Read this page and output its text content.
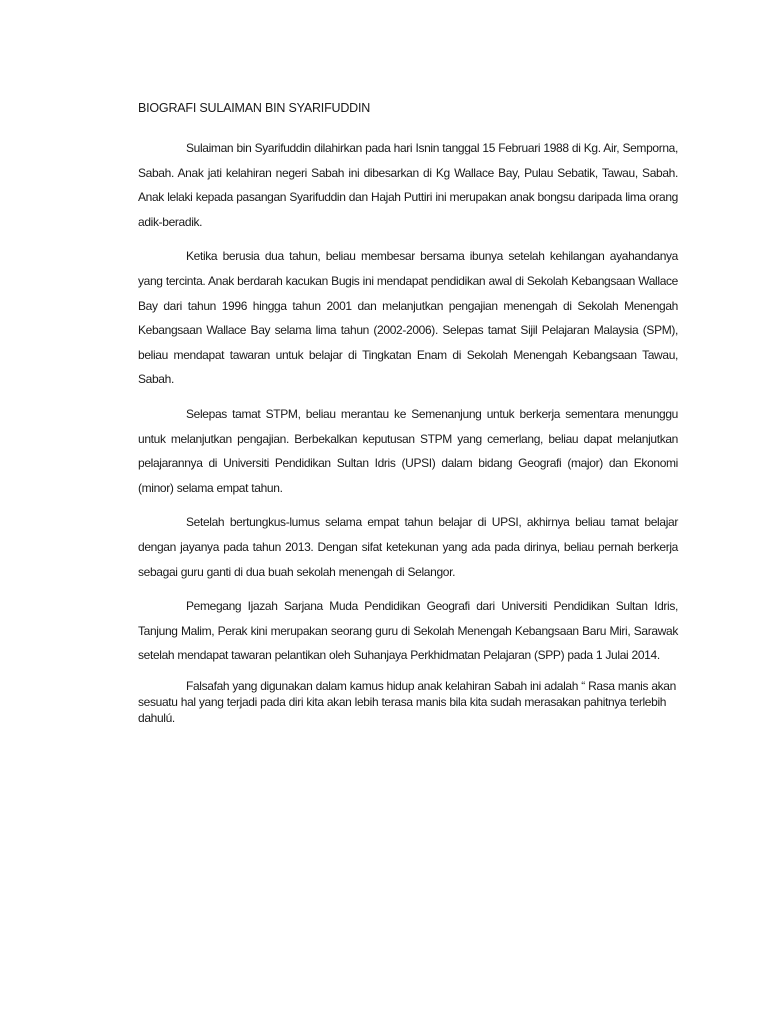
BIOGRAFI SULAIMAN BIN SYARIFUDDIN

Sulaiman bin Syarifuddin dilahirkan pada hari Isnin tanggal 15 Februari 1988 di Kg. Air, Semporna, Sabah. Anak jati kelahiran negeri Sabah ini dibesarkan di Kg Wallace Bay, Pulau Sebatik, Tawau, Sabah. Anak lelaki kepada pasangan Syarifuddin dan Hajah Puttiri ini merupakan anak bongsu daripada lima orang adik-beradik.

Ketika berusia dua tahun, beliau membesar bersama ibunya setelah kehilangan ayahandanya yang tercinta. Anak berdarah kacukan Bugis ini mendapat pendidikan awal di Sekolah Kebangsaan Wallace Bay dari tahun 1996 hingga tahun 2001 dan melanjutkan pengajian menengah di Sekolah Menengah Kebangsaan Wallace Bay selama lima tahun (2002-2006). Selepas tamat Sijil Pelajaran Malaysia (SPM), beliau mendapat tawaran untuk belajar di Tingkatan Enam di Sekolah Menengah Kebangsaan Tawau, Sabah.

Selepas tamat STPM, beliau merantau ke Semenanjung untuk berkerja sementara menunggu untuk melanjutkan pengajian. Berbekalkan keputusan STPM yang cemerlang, beliau dapat melanjutkan pelajarannya di Universiti Pendidikan Sultan Idris (UPSI) dalam bidang Geografi (major) dan Ekonomi (minor) selama empat tahun.

Setelah bertungkus-lumus selama empat tahun belajar di UPSI, akhirnya beliau tamat belajar dengan jayanya pada tahun 2013. Dengan sifat ketekunan yang ada pada dirinya, beliau pernah berkerja sebagai guru ganti di dua buah sekolah menengah di Selangor.

Pemegang Ijazah Sarjana Muda Pendidikan Geografi dari Universiti Pendidikan Sultan Idris, Tanjung Malim, Perak kini merupakan seorang guru di Sekolah Menengah Kebangsaan Baru Miri, Sarawak setelah mendapat tawaran pelantikan oleh Suhanjaya Perkhidmatan Pelajaran (SPP) pada 1 Julai 2014.

Falsafah yang digunakan dalam kamus hidup anak kelahiran Sabah ini adalah “ Rasa manis akan sesuatu hal yang terjadi pada diri kita akan lebih terasa manis bila kita sudah merasakan pahitnya terlebih dahulú.
